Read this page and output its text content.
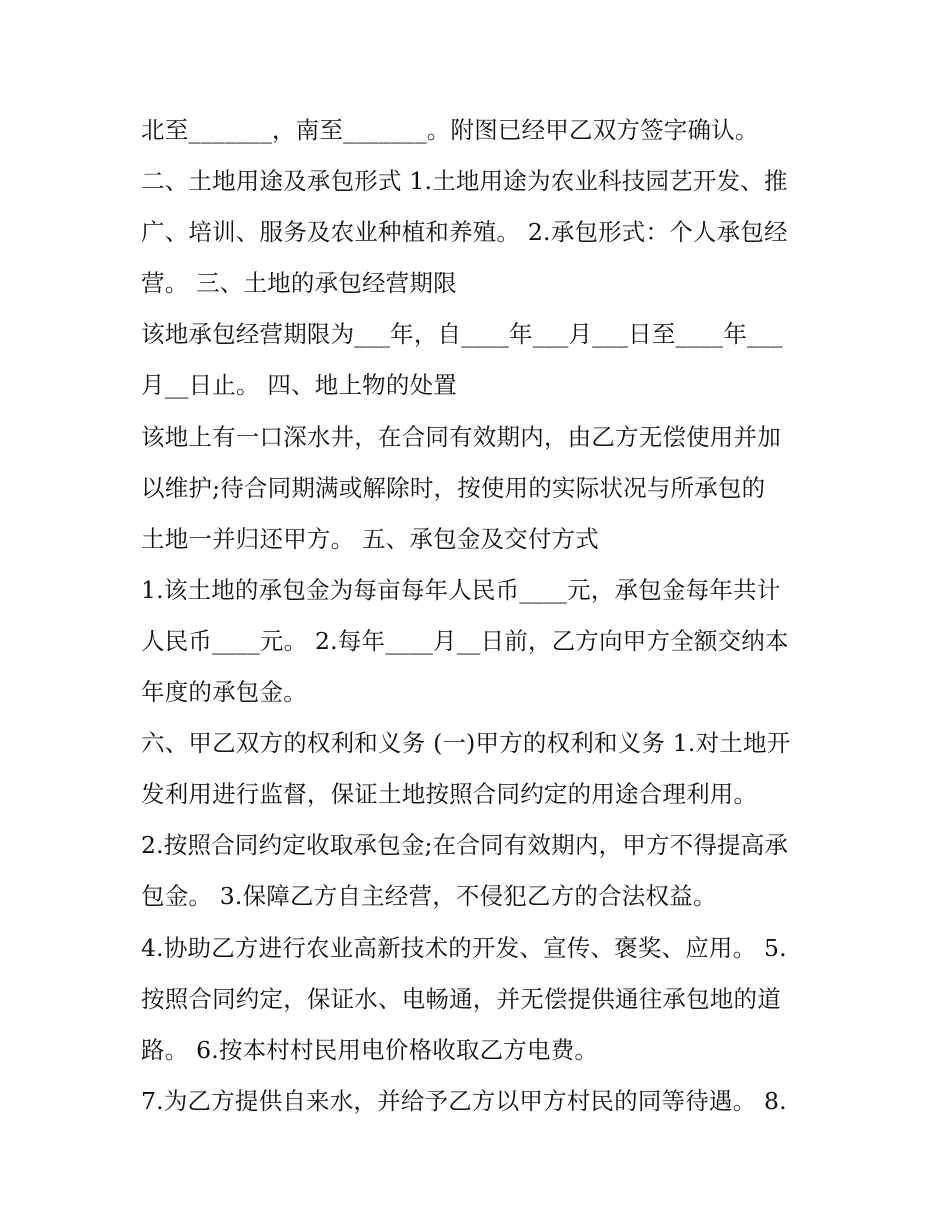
北至_______，南至_______。附图已经甲乙双方签字确认。
二、土地用途及承包形式 1.土地用途为农业科技园艺开发、推
广、培训、服务及农业种植和养殖。 2.承包形式：个人承包经
营。 三、土地的承包经营期限
该地承包经营期限为___年，自____年___月___日至____年___
月__日止。 四、地上物的处置
该地上有一口深水井，在合同有效期内，由乙方无偿使用并加
以维护;待合同期满或解除时，按使用的实际状况与所承包的
土地一并归还甲方。 五、承包金及交付方式
1.该土地的承包金为每亩每年人民币____元，承包金每年共计
人民币____元。 2.每年____月__日前，乙方向甲方全额交纳本
年度的承包金。
六、甲乙双方的权利和义务 (一)甲方的权利和义务 1.对土地开
发利用进行监督，保证土地按照合同约定的用途合理利用。
2.按照合同约定收取承包金;在合同有效期内，甲方不得提高承
包金。 3.保障乙方自主经营，不侵犯乙方的合法权益。
4.协助乙方进行农业高新技术的开发、宣传、褒奖、应用。 5.
按照合同约定，保证水、电畅通，并无偿提供通往承包地的道
路。 6.按本村村民用电价格收取乙方电费。
7.为乙方提供自来水，并给予乙方以甲方村民的同等待遇。 8.
